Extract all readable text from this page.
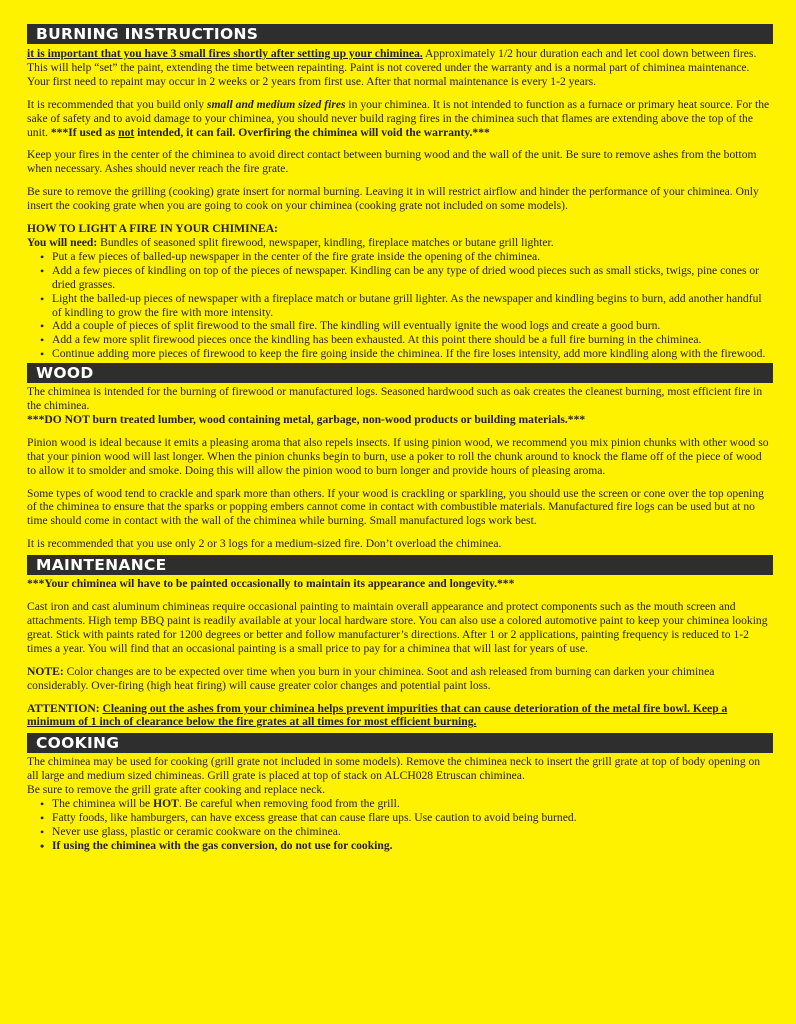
BURNING INSTRUCTIONS

it is important that you have 3 small fires shortly after setting up your chiminea. Approximately 1/2 hour duration each and let cool down between fires. This will help “set” the paint, extending the time between repainting. Paint is not covered under the warranty and is a normal part of chiminea maintenance. Your first need to repaint may occur in 2 weeks or 2 years from first use. After that normal maintenance is every 1-2 years.

It is recommended that you build only small and medium sized fires in your chiminea. It is not intended to function as a furnace or primary heat source. For the sake of safety and to avoid damage to your chiminea, you should never build raging fires in the chiminea such that flames are extending above the top of the unit. ***If used as not intended, it can fail. Overfiring the chiminea will void the warranty.***

Keep your fires in the center of the chiminea to avoid direct contact between burning wood and the wall of the unit. Be sure to remove ashes from the bottom when necessary. Ashes should never reach the fire grate.

Be sure to remove the grilling (cooking) grate insert for normal burning. Leaving it in will restrict airflow and hinder the performance of your chiminea. Only insert the cooking grate when you are going to cook on your chiminea (cooking grate not included on some models).

HOW TO LIGHT A FIRE IN YOUR CHIMINEA:

You will need: Bundles of seasoned split firewood, newspaper, kindling, fireplace matches or butane grill lighter.

• Put a few pieces of balled-up newspaper in the center of the fire grate inside the opening of the chiminea.
• Add a few pieces of kindling on top of the pieces of newspaper. Kindling can be any type of dried wood pieces such as small sticks, twigs, pine cones or dried grasses.
• Light the balled-up pieces of newspaper with a fireplace match or butane grill lighter. As the newspaper and kindling begins to burn, add another handful of kindling to grow the fire with more intensity.
• Add a couple of pieces of split firewood to the small fire. The kindling will eventually ignite the wood logs and create a good burn.
• Add a few more split firewood pieces once the kindling has been exhausted. At this point there should be a full fire burning in the chiminea.
• Continue adding more pieces of firewood to keep the fire going inside the chiminea. If the fire loses intensity, add more kindling along with the firewood.
WOOD

The chiminea is intended for the burning of firewood or manufactured logs. Seasoned hardwood such as oak creates the cleanest burning, most efficient fire in the chiminea.
***DO NOT burn treated lumber, wood containing metal, garbage, non-wood products or building materials.***

Pinion wood is ideal because it emits a pleasing aroma that also repels insects. If using pinion wood, we recommend you mix pinion chunks with other wood so that your pinion wood will last longer. When the pinion chunks begin to burn, use a poker to roll the chunk around to knock the flame off of the piece of wood to allow it to smolder and smoke. Doing this will allow the pinion wood to burn longer and provide hours of pleasing aroma.

Some types of wood tend to crackle and spark more than others. If your wood is crackling or sparkling, you should use the screen or cone over the top opening of the chiminea to ensure that the sparks or popping embers cannot come in contact with combustible materials. Manufactured fire logs can be used but at no time should come in contact with the wall of the chiminea while burning. Small manufactured logs work best.

It is recommended that you use only 2 or 3 logs for a medium-sized fire. Don’t overload the chiminea.

MAINTENANCE

***Your chiminea wil have to be painted occasionally to maintain its appearance and longevity.***

Cast iron and cast aluminum chimineas require occasional painting to maintain overall appearance and protect components such as the mouth screen and attachments. High temp BBQ paint is readily available at your local hardware store. You can also use a colored automotive paint to keep your chiminea looking great. Stick with paints rated for 1200 degrees or better and follow manufacturer’s directions. After 1 or 2 applications, painting frequency is reduced to 1-2 times a year. You will find that an occasional painting is a small price to pay for a chiminea that will last for years of use.

NOTE: Color changes are to be expected over time when you burn in your chiminea. Soot and ash released from burning can darken your chiminea considerably. Over-firing (high heat firing) will cause greater color changes and potential paint loss.

ATTENTION: Cleaning out the ashes from your chiminea helps prevent impurities that can cause deterioration of the metal fire bowl. Keep a minimum of 1 inch of clearance below the fire grates at all times for most efficient burning.

COOKING

The chiminea may be used for cooking (grill grate not included in some models). Remove the chiminea neck to insert the grill grate at top of body opening on all large and medium sized chimineas. Grill grate is placed at top of stack on ALCH028 Etruscan chiminea.

Be sure to remove the grill grate after cooking and replace neck.

• The chiminea will be HOT. Be careful when removing food from the grill.
• Fatty foods, like hamburgers, can have excess grease that can cause flare ups. Use caution to avoid being burned.
• Never use glass, plastic or ceramic cookware on the chiminea.
• If using the chiminea with the gas conversion, do not use for cooking.
